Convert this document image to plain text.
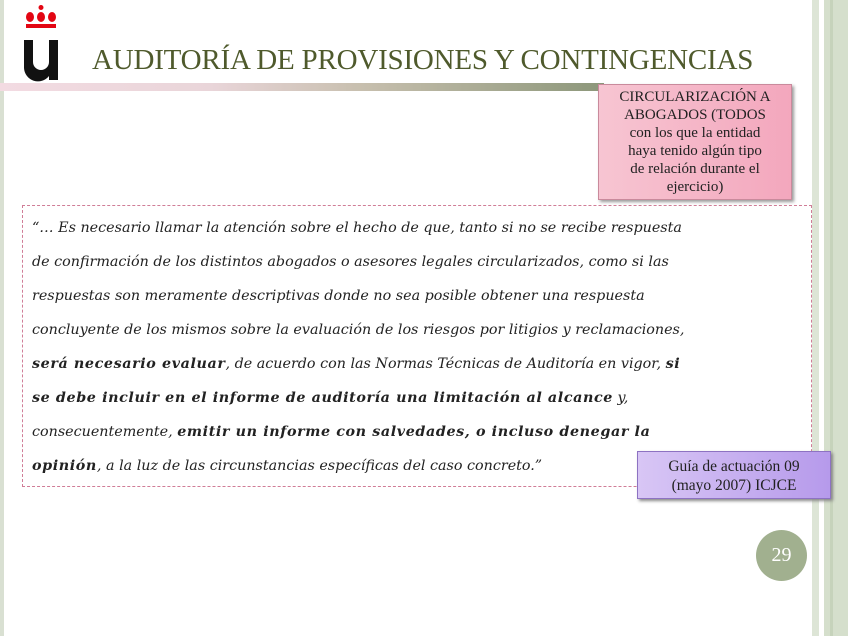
AUDITORÍA DE PROVISIONES Y CONTINGENCIAS
CIRCULARIZACIÓN A
ABOGADOS (TODOS
con los que la entidad
haya tenido algún tipo
de relación durante el
ejercicio)
“… Es necesario llamar la atención sobre el hecho de que, tanto si no se recibe respuesta
de confirmación de los distintos abogados o asesores legales circularizados, como si las
respuestas son meramente descriptivas donde no sea posible obtener una respuesta
concluyente de los mismos sobre la evaluación de los riesgos por litigios y reclamaciones,
será necesario evaluar, de acuerdo con las Normas Técnicas de Auditoría en vigor, si
se debe incluir en el informe de auditoría una limitación al alcance y,
consecuentemente, emitir un informe con salvedades, o incluso denegar la
opinión, a la luz de las circunstancias específicas del caso concreto.”	Guía de actuación 09
(mayo 2007) ICJCE
29
